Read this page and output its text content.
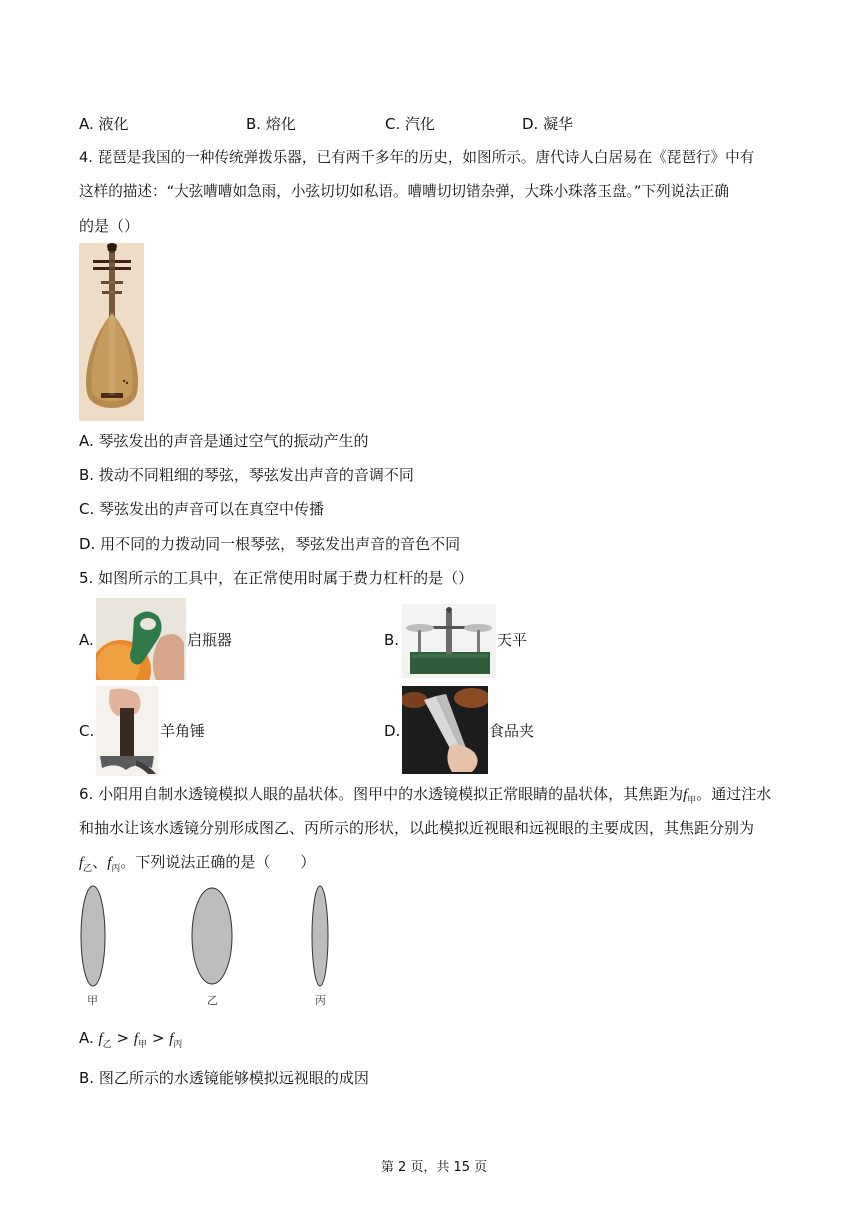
A. 液化	B. 熔化	C. 汽化	D. 凝华
4. 琵琶是我国的一种传统弹拨乐器，已有两千多年的历史，如图所示。唐代诗人白居易在《琵琶行》中有
这样的描述：“大弦嘈嘈如急雨，小弦切切如私语。嘈嘈切切错杂弹，大珠小珠落玉盘。”下列说法正确
的是（）
A. 琴弦发出的声音是通过空气的振动产生的
B. 拨动不同粗细的琴弦，琴弦发出声音的音调不同
C. 琴弦发出的声音可以在真空中传播
D. 用不同的力拨动同一根琴弦，琴弦发出声音的音色不同
5. 如图所示的工具中，在正常使用时属于费力杠杆的是（）
A.	启瓶器	B.	天平
C.	羊角锤	D.	食品夹
6. 小阳用自制水透镜模拟人眼的晶状体。图甲中的水透镜模拟正常眼睛的晶状体，其焦距为$f_甲$。通过注水
和抽水让该水透镜分别形成图乙、丙所示的形状，以此模拟近视眼和远视眼的主要成因，其焦距分别为
$f_乙$、$f_丙$。下列说法正确的是（　　）
甲	乙	丙
A. $f_乙 > f_甲 > f_丙$
B. 图乙所示的水透镜能够模拟远视眼的成因
第 2 页，共 15 页
